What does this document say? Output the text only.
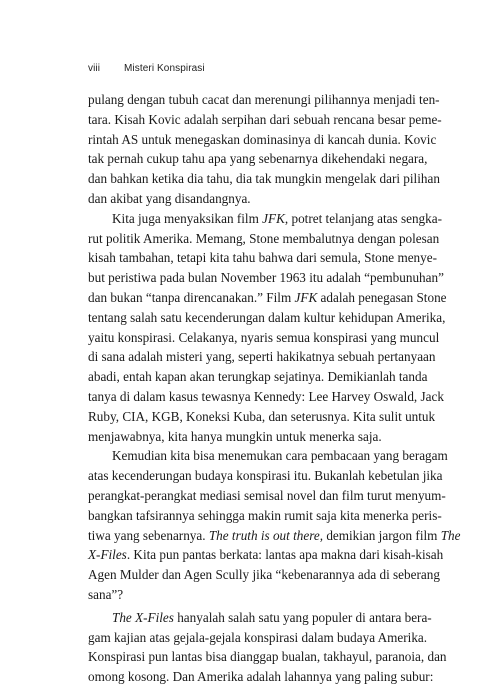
viii Misteri Konspirasi

pulang dengan tubuh cacat dan merenungi pilihannya menjadi ten-
tara. Kisah Kovic adalah serpihan dari sebuah rencana besar peme-
rintah AS untuk menegaskan dominasinya di kancah dunia. Kovic
tak pernah cukup tahu apa yang sebenarnya dikehendaki negara,
dan bahkan ketika dia tahu, dia tak mungkin mengelak dari pilihan
dan akibat yang disandangnya.

Kita juga menyaksikan film JFK, potret telanjang atas sengka-
rut politik Amerika. Memang, Stone membalutnya dengan polesan
kisah tambahan, tetapi kita tahu bahwa dari semula, Stone menye-
but peristiwa pada bulan November 1963 itu adalah “pembunuhan”
dan bukan “tanpa direncanakan.” Film JFK adalah penegasan Stone
tentang salah satu kecenderungan dalam kultur kehidupan Amerika,
yaitu konspirasi. Celakanya, nyaris semua konspirasi yang muncul
di sana adalah misteri yang, seperti hakikatnya sebuah pertanyaan
abadi, entah kapan akan terungkap sejatinya. Demikianlah tanda
tanya di dalam kasus tewasnya Kennedy: Lee Harvey Oswald, Jack
Ruby, CIA, KGB, Koneksi Kuba, dan seterusnya. Kita sulit untuk
menjawabnya, kita hanya mungkin untuk menerka saja.

Kemudian kita bisa menemukan cara pembacaan yang beragam
atas kecenderungan budaya konspirasi itu. Bukanlah kebetulan jika
perangkat-perangkat mediasi semisal novel dan film turut menyum-
bangkan tafsirannya sehingga makin rumit saja kita menerka peris-
tiwa yang sebenarnya. The truth is out there, demikian jargon film The
X-Files. Kita pun pantas berkata: lantas apa makna dari kisah-kisah
Agen Mulder dan Agen Scully jika “kebenarannya ada di seberang
sana”?

The X-Files hanyalah salah satu yang populer di antara bera-
gam kajian atas gejala-gejala konspirasi dalam budaya Amerika.
Konspirasi pun lantas bisa dianggap bualan, takhayul, paranoia, dan
omong kosong. Dan Amerika adalah lahannya yang paling subur:
